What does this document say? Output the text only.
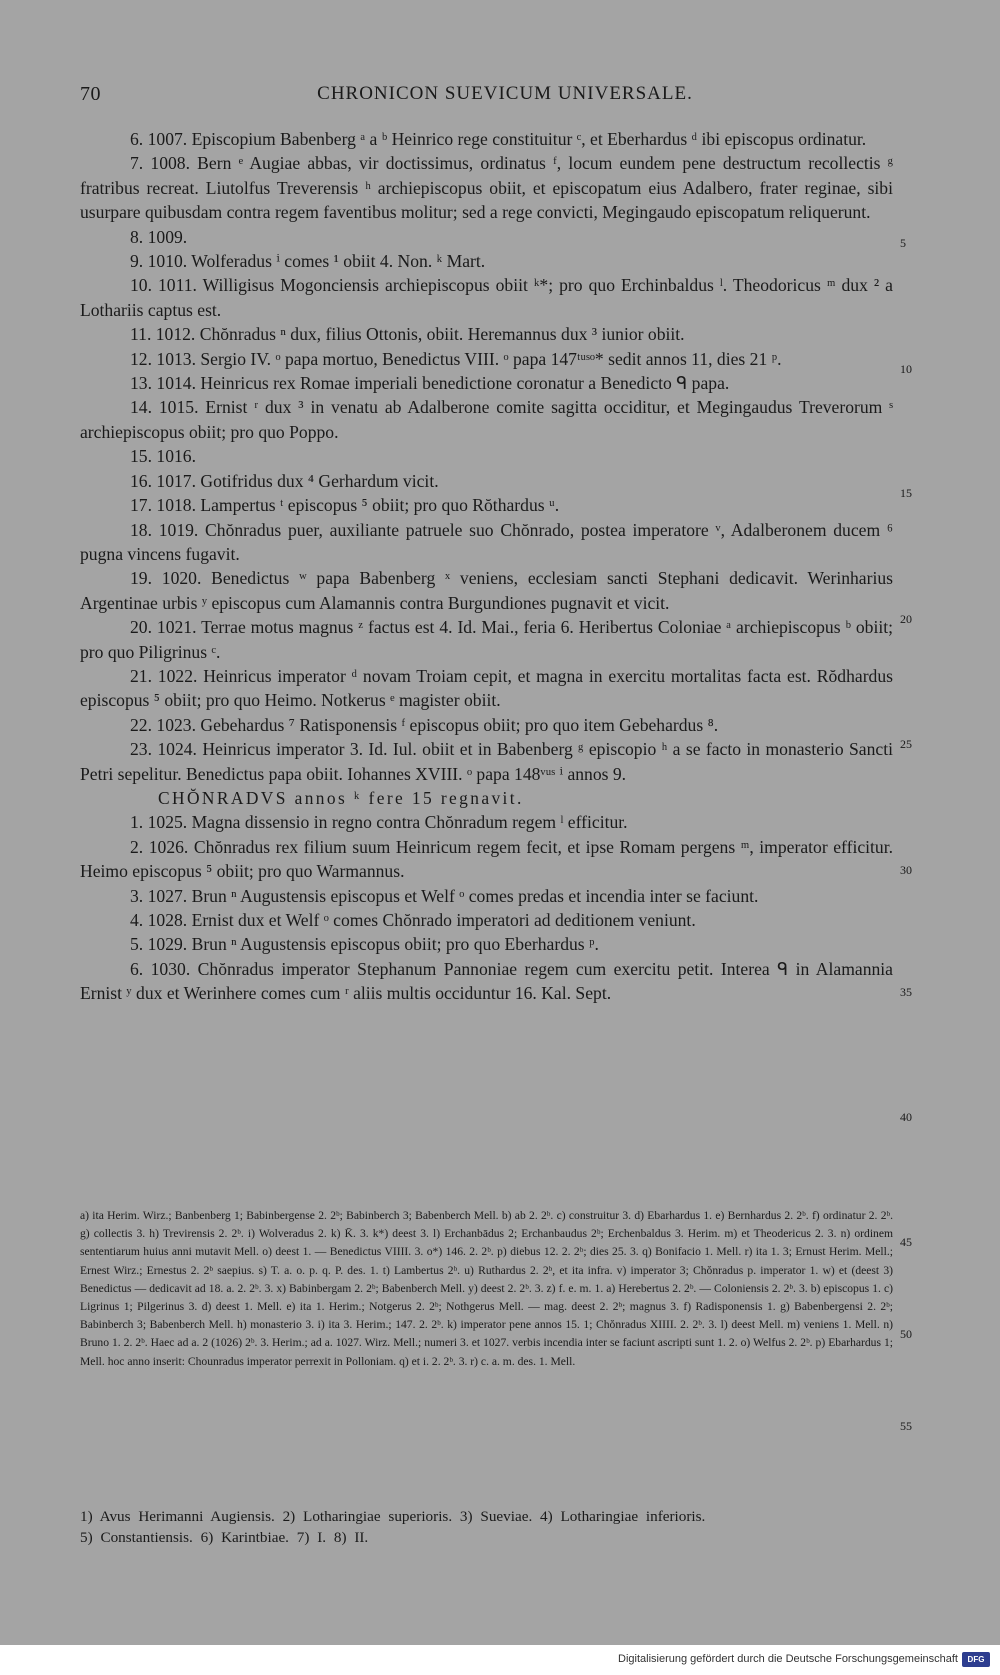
70	CHRONICON SUEVICUM UNIVERSALE.

6. 1007. Episcopium Babenberg ᵃ a ᵇ Heinrico rege constituitur ᶜ, et Eberhardus ᵈ ibi episcopus ordinatur.

7. 1008. Bern ᵉ Augiae abbas, vir doctissimus, ordinatus ᶠ, locum eundem pene destructum recollectis ᵍ fratribus recreat. Liutolfus Treverensis ʰ archiepiscopus obiit, et episcopatum eius Adalbero, frater reginae, sibi usurpare quibusdam contra regem faventibus molitur; sed a rege convicti, Megingaudo episcopatum reliquerunt.

8. 1009.

9. 1010. Wolferadus ⁱ comes ¹ obiit 4. Non. ᵏ Mart.

10. 1011. Willigisus Mogonciensis archiepiscopus obiit ᵏ*; pro quo Erchinbaldus ˡ. Theodoricus ᵐ dux ² a Lothariis captus est.

11. 1012. Chŏnradus ⁿ dux, filius Ottonis, obiit. Heremannus dux ³ iunior obiit.

12. 1013. Sergio IV. ᵒ papa mortuo, Benedictus VIII. ᵒ papa 147ᵗᵘˢᵒ* sedit annos 11, dies 21 ᵖ.

13. 1014. Heinricus rex Romae imperiali benedictione coronatur a Benedicto ᑫ papa.

14. 1015. Ernist ʳ dux ³ in venatu ab Adalberone comite sagitta occiditur, et Megingaudus Treverorum ˢ archiepiscopus obiit; pro quo Poppo.

15. 1016.

16. 1017. Gotifridus dux ⁴ Gerhardum vicit.

17. 1018. Lampertus ᵗ episcopus ⁵ obiit; pro quo Rŏthardus ᵘ.

18. 1019. Chŏnradus puer, auxiliante patruele suo Chŏnrado, postea imperatore ᵛ, Adalberonem ducem ⁶ pugna vincens fugavit.

19. 1020. Benedictus ʷ papa Babenberg ˣ veniens, ecclesiam sancti Stephani dedicavit. Werinharius Argentinae urbis ʸ episcopus cum Alamannis contra Burgundiones pugnavit et vicit.

20. 1021. Terrae motus magnus ᶻ factus est 4. Id. Mai., feria 6. Heribertus Coloniae ᵃ archiepiscopus ᵇ obiit; pro quo Piligrinus ᶜ.

21. 1022. Heinricus imperator ᵈ novam Troiam cepit, et magna in exercitu mortalitas facta est. Rŏdhardus episcopus ⁵ obiit; pro quo Heimo. Notkerus ᵉ magister obiit.

22. 1023. Gebehardus ⁷ Ratisponensis ᶠ episcopus obiit; pro quo item Gebehardus ⁸.

23. 1024. Heinricus imperator 3. Id. Iul. obiit et in Babenberg ᵍ episcopio ʰ a se facto in monasterio Sancti Petri sepelitur. Benedictus papa obiit. Iohannes XVIII. ᵒ papa 148ᵛᵘˢ ⁱ annos 9.

CHŎNRADVS annos ᵏ fere 15 regnavit.

1. 1025. Magna dissensio in regno contra Chŏnradum regem ˡ efficitur.

2. 1026. Chŏnradus rex filium suum Heinricum regem fecit, et ipse Romam pergens ᵐ, imperator efficitur. Heimo episcopus ⁵ obiit; pro quo Warmannus.

3. 1027. Brun ⁿ Augustensis episcopus et Welf ᵒ comes predas et incendia inter se faciunt.

4. 1028. Ernist dux et Welf ᵒ comes Chŏnrado imperatori ad deditionem veniunt.

5. 1029. Brun ⁿ Augustensis episcopus obiit; pro quo Eberhardus ᵖ.

6. 1030. Chŏnradus imperator Stephanum Pannoniae regem cum exercitu petit. Interea ᑫ in Alamannia Ernist ʸ dux et Werinhere comes cum ʳ aliis multis occiduntur 16. Kal. Sept.

a) ita Herim. Wirz.; Banbenberg 1; Babinbergense 2. 2ᵇ; Babinberch 3; Babenberch Mell. b) ab 2. 2ᵇ. c) construitur 3. d) Ebarhardus 1. e) Bernhardus 2. 2ᵇ. f) ordinatur 2. 2ᵇ. g) collectis 3. h) Trevirensis 2. 2ᵇ. i) Wolveradus 2. k) K̄. 3. k*) deest 3. l) Erchanbādus 2; Erchanbaudus 2ᵇ; Erchenbaldus 3. Herim. m) et Theodericus 2. 3. n) ordinem sententiarum huius anni mutavit Mell. o) deest 1. — Benedictus VIIII. 3. o*) 146. 2. 2ᵇ. p) diebus 12. 2. 2ᵇ; dies 25. 3. q) Bonifacio 1. Mell. r) ita 1. 3; Ernust Herim. Mell.; Ernest Wirz.; Ernestus 2. 2ᵇ saepius. s) T. a. o. p. q. P. des. 1. t) Lambertus 2ᵇ. u) Ruthardus 2. 2ᵇ, et ita infra. v) imperator 3; Chŏnradus p. imperator 1. w) et (deest 3) Benedictus — dedicavit ad 18. a. 2. 2ᵇ. 3. x) Babinbergam 2. 2ᵇ; Babenberch Mell. y) deest 2. 2ᵇ. 3. z) f. e. m. 1. a) Herebertus 2. 2ᵇ. — Coloniensis 2. 2ᵇ. 3. b) episcopus 1. c) Ligrinus 1; Pilgerinus 3. d) deest 1. Mell. e) ita 1. Herim.; Notgerus 2. 2ᵇ; Nothgerus Mell. — mag. deest 2. 2ᵇ; magnus 3. f) Radisponensis 1. g) Babenbergensi 2. 2ᵇ; Babinberch 3; Babenberch Mell. h) monasterio 3. i) ita 3. Herim.; 147. 2. 2ᵇ. k) imperator pene annos 15. 1; Chŏnradus XIIII. 2. 2ᵇ. 3. l) deest Mell. m) veniens 1. Mell. n) Bruno 1. 2. 2ᵇ. Haec ad a. 2 (1026) 2ᵇ. 3. Herim.; ad a. 1027. Wirz. Mell.; numeri 3. et 1027. verbis incendia inter se faciunt ascripti sunt 1. 2. o) Welfus 2. 2ᵇ. p) Ebarhardus 1; Mell. hoc anno inserit: Chounradus imperator perrexit in Polloniam. q) et i. 2. 2ᵇ. 3. r) c. a. m. des. 1. Mell.

1) Avus Herimanni Augiensis. 2) Lotharingiae superioris. 3) Sueviae. 4) Lotharingiae inferioris.

5) Constantiensis. 6) Karintbiae. 7) I. 8) II.

5
10
15
20
25
30
35
40
45
50
55
Digitalisierung gefördert durch die Deutsche Forschungsgemeinschaft	DFG
